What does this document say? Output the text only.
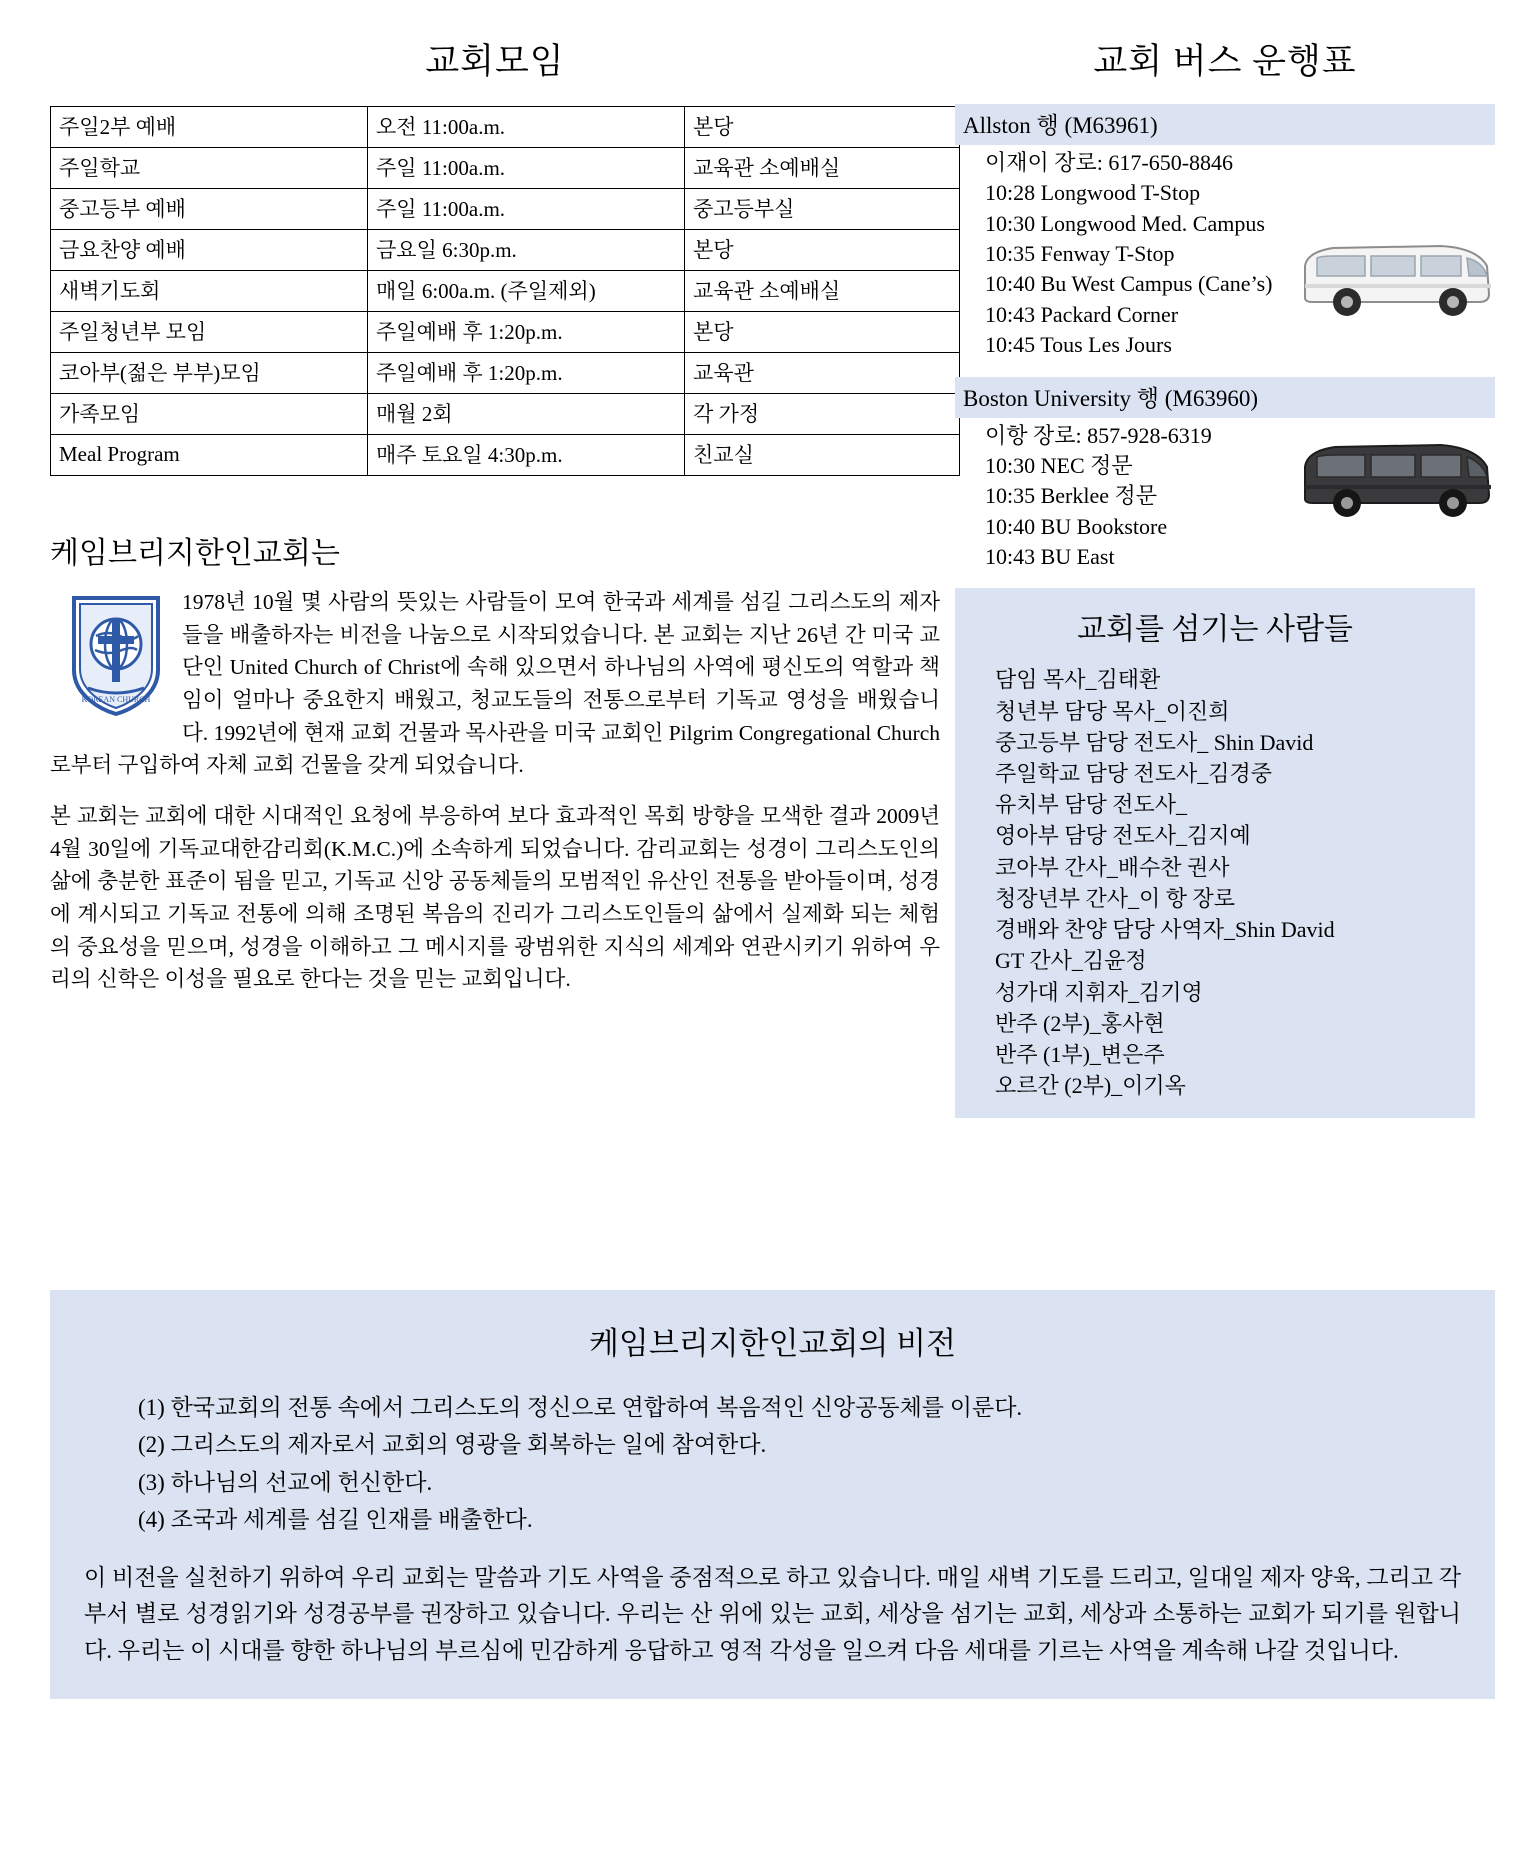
교회모임
주일2부 예배	오전 11:00a.m.	본당
주일학교	주일 11:00a.m.	교육관 소예배실
중고등부 예배	주일 11:00a.m.	중고등부실
금요찬양 예배	금요일 6:30p.m.	본당
새벽기도회	매일 6:00a.m. (주일제외)	교육관 소예배실
주일청년부 모임	주일예배 후 1:20p.m.	본당
코아부(젊은 부부)모임	주일예배 후 1:20p.m.	교육관
가족모임	매월 2회	각 가정
Meal Program	매주 토요일 4:30p.m.	친교실
케임브리지한인교회는
KOREAN CHURCH

1978년 10월 몇 사람의 뜻있는 사람들이 모여 한국과 세계를 섬길 그리스도의 제자들을 배출하자는 비전을 나눔으로 시작되었습니다. 본 교회는 지난 26년 간 미국 교단인 United Church of Christ에 속해 있으면서 하나님의 사역에 평신도의 역할과 책임이 얼마나 중요한지 배웠고, 청교도들의 전통으로부터 기독교 영성을 배웠습니다. 1992년에 현재 교회 건물과 목사관을 미국 교회인 Pilgrim Congregational Church로부터 구입하여 자체 교회 건물을 갖게 되었습니다.

본 교회는 교회에 대한 시대적인 요청에 부응하여 보다 효과적인 목회 방향을 모색한 결과 2009년 4월 30일에 기독교대한감리회(K.M.C.)에 소속하게 되었습니다. 감리교회는 성경이 그리스도인의 삶에 충분한 표준이 됨을 믿고, 기독교 신앙 공동체들의 모범적인 유산인 전통을 받아들이며, 성경에 계시되고 기독교 전통에 의해 조명된 복음의 진리가 그리스도인들의 삶에서 실제화 되는 체험의 중요성을 믿으며, 성경을 이해하고 그 메시지를 광범위한 지식의 세계와 연관시키기 위하여 우리의 신학은 이성을 필요로 한다는 것을 믿는 교회입니다.

교회 버스 운행표
Allston 행 (M63961)
이재이 장로: 617-650-8846
10:28 Longwood T-Stop
10:30 Longwood Med. Campus
10:35 Fenway T-Stop
10:40 Bu West Campus (Cane’s)
10:43 Packard Corner
10:45 Tous Les Jours
Boston University 행 (M63960)
이항 장로: 857-928-6319
10:30 NEC 정문
10:35 Berklee 정문
10:40 BU Bookstore
10:43 BU East
교회를 섬기는 사람들
담임 목사_김태환
청년부 담당 목사_이진희
중고등부 담당 전도사_ Shin David
주일학교 담당 전도사_김경중
유치부 담당 전도사_
영아부 담당 전도사_김지예
코아부 간사_배수찬 권사
청장년부 간사_이 항 장로
경배와 찬양 담당 사역자_Shin David
GT 간사_김윤정
성가대 지휘자_김기영
반주 (2부)_홍사현
반주 (1부)_변은주
오르간 (2부)_이기옥
케임브리지한인교회의 비전
(1) 한국교회의 전통 속에서 그리스도의 정신으로 연합하여 복음적인 신앙공동체를 이룬다.
(2) 그리스도의 제자로서 교회의 영광을 회복하는 일에 참여한다.
(3) 하나님의 선교에 헌신한다.
(4) 조국과 세계를 섬길 인재를 배출한다.

이 비전을 실천하기 위하여 우리 교회는 말씀과 기도 사역을 중점적으로 하고 있습니다. 매일 새벽 기도를 드리고, 일대일 제자 양육, 그리고 각 부서 별로 성경읽기와 성경공부를 권장하고 있습니다. 우리는 산 위에 있는 교회, 세상을 섬기는 교회, 세상과 소통하는 교회가 되기를 원합니다. 우리는 이 시대를 향한 하나님의 부르심에 민감하게 응답하고 영적 각성을 일으켜 다음 세대를 기르는 사역을 계속해 나갈 것입니다.
